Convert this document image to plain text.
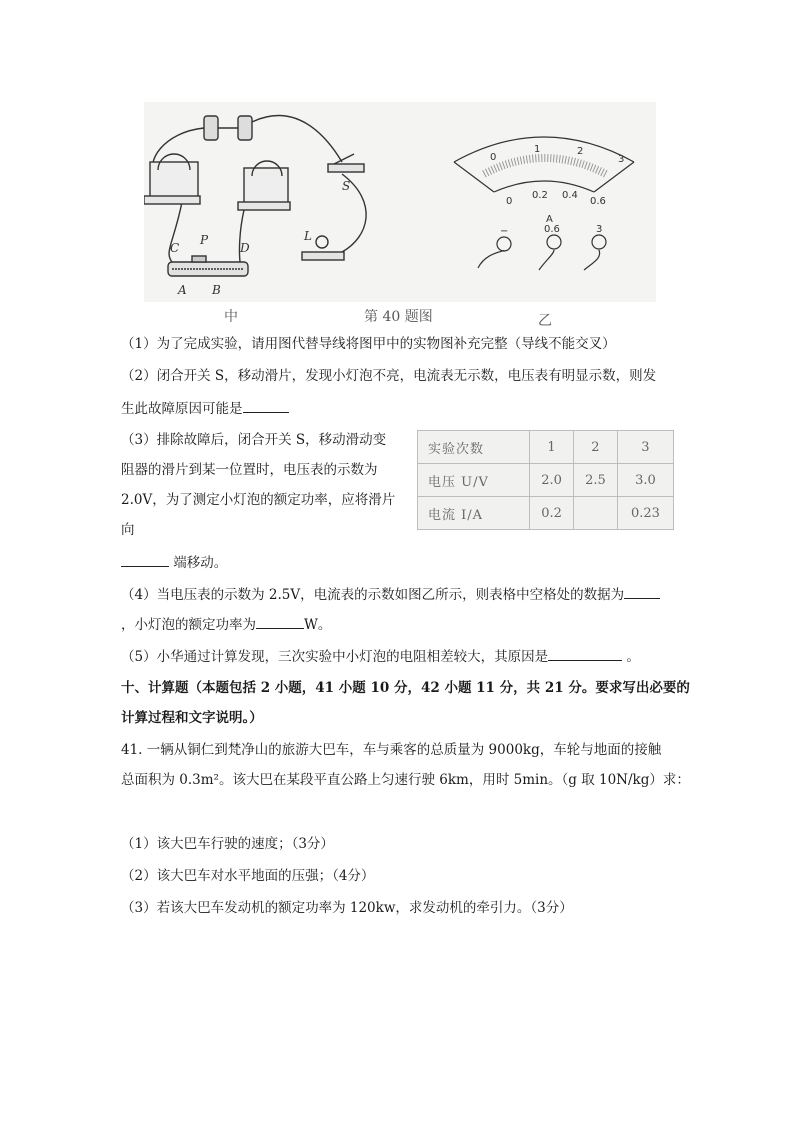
S
L
C
P
D
A B
0
1	2
3
0
0.2 0.4
0.6
A
−	0.6	3
中	第 40 题图	乙
（1）为了完成实验，请用图代替导线将图甲中的实物图补充完整（导线不能交叉）
（2）闭合开关 S，移动滑片，发现小灯泡不亮，电流表无示数，电压表有明显示数，则发
生此故障原因可能是
（3）排除故障后，闭合开关 S，移动滑动变
阻器的滑片到某一位置时，电压表的示数为
2.0V，为了测定小灯泡的额定功率，应将滑片
向
端移动。
实验次数	1	2	3
电压 U/V	2.0	2.5	3.0
电流 I/A	0.2		0.23
（4）当电压表的示数为 2.5V，电流表的示数如图乙所示，则表格中空格处的数据为
，小灯泡的额定功率为	W。
（5）小华通过计算发现，三次实验中小灯泡的电阻相差较大，其原因是	。
十、计算题（本题包括 2 小题，41 小题 10 分，42 小题 11 分，共 21 分。要求写出必要的
计算过程和文字说明。）
41. 一辆从铜仁到梵净山的旅游大巴车，车与乘客的总质量为 9000kg，车轮与地面的接触
总面积为 0.3m²。该大巴在某段平直公路上匀速行驶 6km，用时 5min。（g 取 10N/kg）求：
（1）该大巴车行驶的速度；（3分）
（2）该大巴车对水平地面的压强；（4分）
（3）若该大巴车发动机的额定功率为 120kw，求发动机的牵引力。（3分）
